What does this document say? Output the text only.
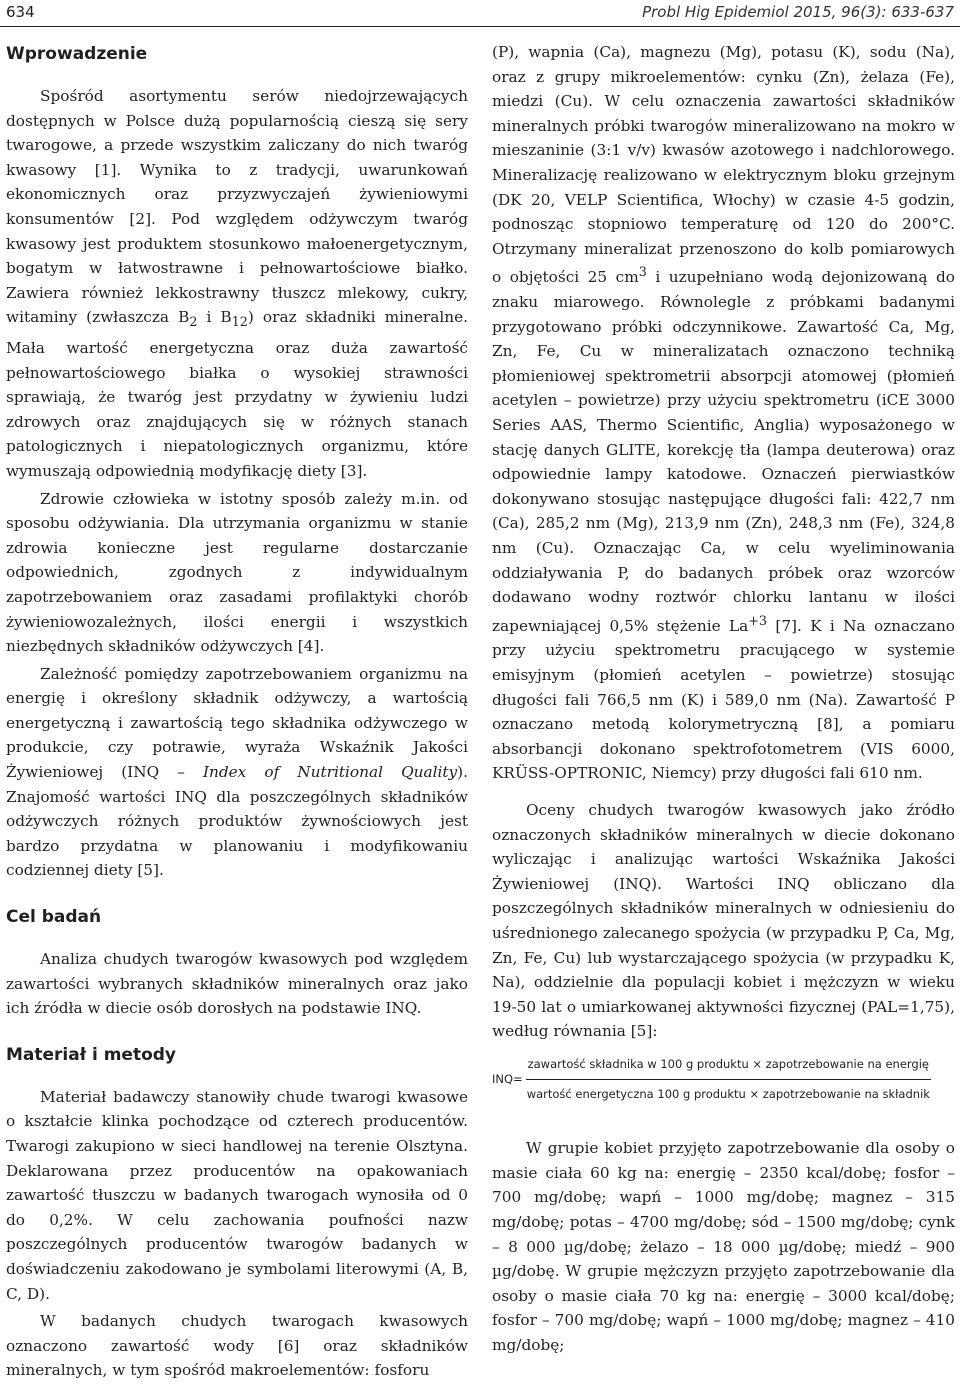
634	Probl Hig Epidemiol 2015, 96(3): 633-637
Wprowadzenie

Spośród asortymentu serów niedojrzewających dostępnych w Polsce dużą popularnością cieszą się sery twarogowe, a przede wszystkim zaliczany do nich twaróg kwasowy [1]. Wynika to z tradycji, uwarunkowań ekonomicznych oraz przyzwyczajeń żywieniowymi konsumentów [2]. Pod względem odżywczym twaróg kwasowy jest produktem stosunkowo małoenergetycznym, bogatym w łatwostrawne i pełnowartościowe białko. Zawiera również lekkostrawny tłuszcz mlekowy, cukry, witaminy (zwłaszcza $B_2$ i $B_{12}$) oraz składniki mineralne. Mała wartość energetyczna oraz duża zawartość pełnowartościowego białka o wysokiej strawności sprawiają, że twaróg jest przydatny w żywieniu ludzi zdrowych oraz znajdujących się w różnych stanach patologicznych i niepatologicznych organizmu, które wymuszają odpowiednią modyfikację diety [3].

Zdrowie człowieka w istotny sposób zależy m.in. od sposobu odżywiania. Dla utrzymania organizmu w stanie zdrowia konieczne jest regularne dostarczanie odpowiednich, zgodnych z indywidualnym zapotrzebowaniem oraz zasadami profilaktyki chorób żywieniowozależnych, ilości energii i wszystkich niezbędnych składników odżywczych [4].

Zależność pomiędzy zapotrzebowaniem organizmu na energię i określony składnik odżywczy, a wartością energetyczną i zawartością tego składnika odżywczego w produkcie, czy potrawie, wyraża Wskaźnik Jakości Żywieniowej (INQ – Index of Nutritional Quality). Znajomość wartości INQ dla poszczególnych składników odżywczych różnych produktów żywnościowych jest bardzo przydatna w planowaniu i modyfikowaniu codziennej diety [5].

Cel badań

Analiza chudych twarogów kwasowych pod względem zawartości wybranych składników mineralnych oraz jako ich źródła w diecie osób dorosłych na podstawie INQ.

Materiał i metody

Materiał badawczy stanowiły chude twarogi kwasowe o kształcie klinka pochodzące od czterech producentów. Twarogi zakupiono w sieci handlowej na terenie Olsztyna. Deklarowana przez producentów na opakowaniach zawartość tłuszczu w badanych twarogach wynosiła od 0 do 0,2%. W celu zachowania poufności nazw poszczególnych producentów twarogów badanych w doświadczeniu zakodowano je symbolami literowymi (A, B, C, D).

W badanych chudych twarogach kwasowych oznaczono zawartość wody [6] oraz składników mineralnych, w tym spośród makroelementów: fosforu

(P), wapnia (Ca), magnezu (Mg), potasu (K), sodu (Na), oraz z grupy mikroelementów: cynku (Zn), żelaza (Fe), miedzi (Cu). W celu oznaczenia zawartości składników mineralnych próbki twarogów mineralizowano na mokro w mieszaninie (3:1 v/v) kwasów azotowego i nadchlorowego. Mineralizację realizowano w elektrycznym bloku grzejnym (DK 20, VELP Scientifica, Włochy) w czasie 4-5 godzin, podnosząc stopniowo temperaturę od 120 do 200°C. Otrzymany mineralizat przenoszono do kolb pomiarowych o objętości 25 $cm^3$ i uzupełniano wodą dejonizowaną do znaku miarowego. Równolegle z próbkami badanymi przygotowano próbki odczynnikowe. Zawartość Ca, Mg, Zn, Fe, Cu w mineralizatach oznaczono techniką płomieniowej spektrometrii absorpcji atomowej (płomień acetylen – powietrze) przy użyciu spektrometru (iCE 3000 Series AAS, Thermo Scientific, Anglia) wyposażonego w stację danych GLITE, korekcję tła (lampa deuterowa) oraz odpowiednie lampy katodowe. Oznaczeń pierwiastków dokonywano stosując następujące długości fali: 422,7 nm (Ca), 285,2 nm (Mg), 213,9 nm (Zn), 248,3 nm (Fe), 324,8 nm (Cu). Oznaczając Ca, w celu wyeliminowania oddziaływania P, do badanych próbek oraz wzorców dodawano wodny roztwór chlorku lantanu w ilości zapewniającej 0,5% stężenie $La^{+3}$ [7]. K i Na oznaczano przy użyciu spektrometru pracującego w systemie emisyjnym (płomień acetylen – powietrze) stosując długości fali 766,5 nm (K) i 589,0 nm (Na). Zawartość P oznaczano metodą kolorymetryczną [8], a pomiaru absorbancji dokonano spektrofotometrem (VIS 6000, KRÜSS-OPTRONIC, Niemcy) przy długości fali 610 nm.

Oceny chudych twarogów kwasowych jako źródło oznaczonych składników mineralnych w diecie dokonano wyliczając i analizując wartości Wskaźnika Jakości Żywieniowej (INQ). Wartości INQ obliczano dla poszczególnych składników mineralnych w odniesieniu do uśrednionego zalecanego spożycia (w przypadku P, Ca, Mg, Zn, Fe, Cu) lub wystarczającego spożycia (w przypadku K, Na), oddzielnie dla populacji kobiet i mężczyzn w wieku 19-50 lat o umiarkowanej aktywności fizycznej (PAL=1,75), według równania [5]:

INQ=
zawartość składnika w 100 g produktu × zapotrzebowanie na energię
wartość energetyczna 100 g produktu × zapotrzebowanie na składnik

W grupie kobiet przyjęto zapotrzebowanie dla osoby o masie ciała 60 kg na: energię – 2350 kcal/dobę; fosfor – 700 mg/dobę; wapń – 1000 mg/dobę; magnez – 315 mg/dobę; potas – 4700 mg/dobę; sód – 1500 mg/dobę; cynk – 8 000 µg/dobę; żelazo – 18 000 µg/dobę; miedź – 900 µg/dobę. W grupie mężczyzn przyjęto zapotrzebowanie dla osoby o masie ciała 70 kg na: energię – 3000 kcal/dobę; fosfor – 700 mg/dobę; wapń – 1000 mg/dobę; magnez – 410 mg/dobę;
